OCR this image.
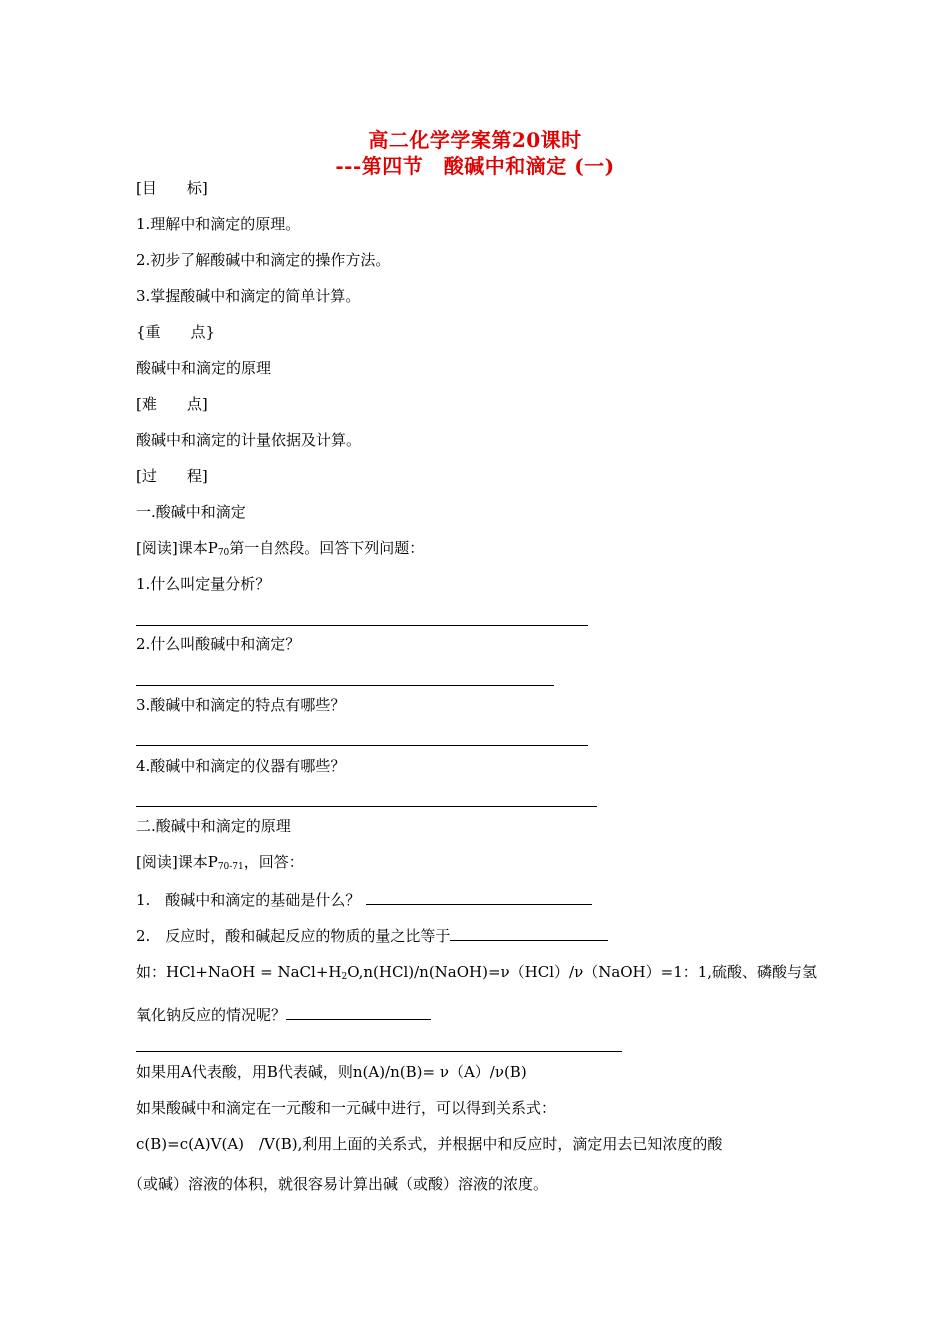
高二化学学案第20课时
---第四节　酸碱中和滴定 (一)
[目 标]
1.理解中和滴定的原理。
2.初步了解酸碱中和滴定的操作方法。
3.掌握酸碱中和滴定的简单计算。
{重 点}
酸碱中和滴定的原理
[难 点]
酸碱中和滴定的计量依据及计算。
[过 程]
一.酸碱中和滴定
[阅读]课本$P_{70}$第一自然段。回答下列问题：
1.什么叫定量分析？
2.什么叫酸碱中和滴定？
3.酸碱中和滴定的特点有哪些？
4.酸碱中和滴定的仪器有哪些？
二.酸碱中和滴定的原理
[阅读]课本$P_{70-71}$，回答：
1.　酸碱中和滴定的基础是什么？
2.　反应时，酸和碱起反应的物质的量之比等于
如：HCl+NaOH = $NaCl+H_2O,n(HCl)/n(NaOH)=\nu(HCl)/\nu(NaOH)=1$：1,硫酸、磷酸与氢
氧化钠反应的情况呢？
如果用A代表酸，用B代表碱，则n(A)/n(B)= ν（A）/ν(B)
如果酸碱中和滴定在一元酸和一元碱中进行，可以得到关系式：
c(B)=c(A)V(A)　/V(B),利用上面的关系式，并根据中和反应时，滴定用去已知浓度的酸
（或碱）溶液的体积，就很容易计算出碱（或酸）溶液的浓度。
